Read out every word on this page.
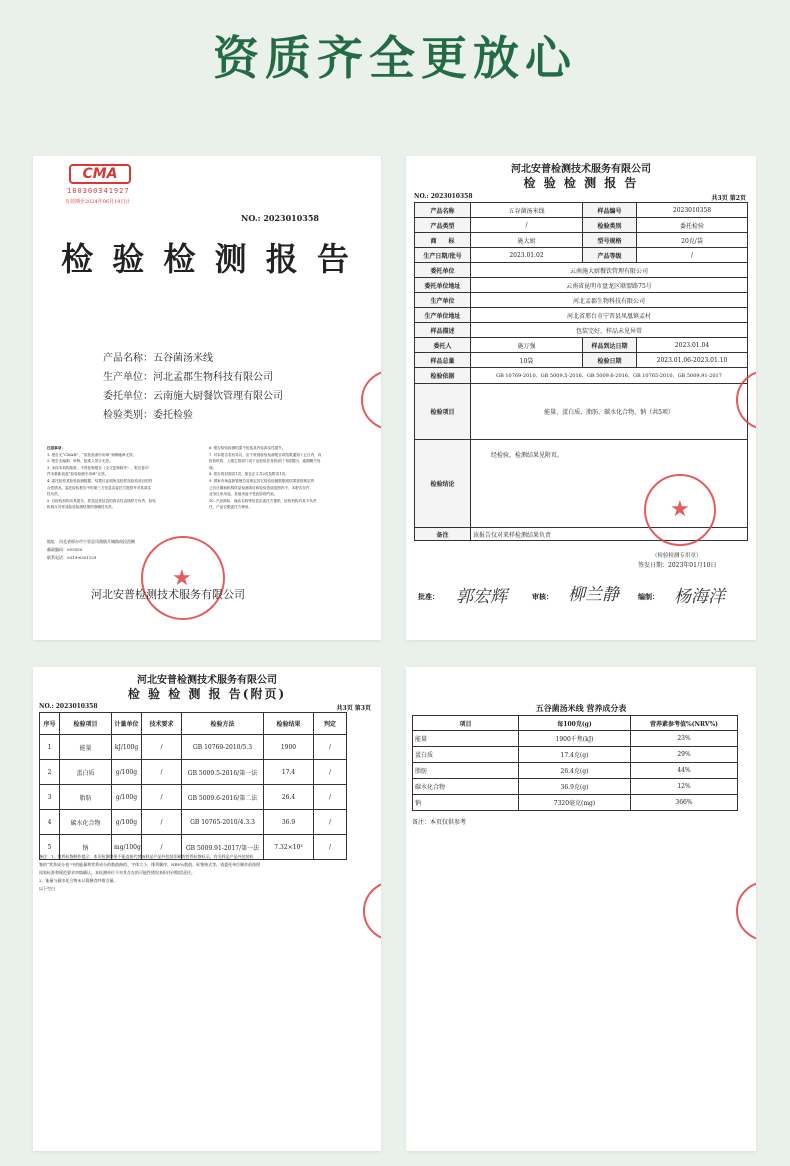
资质齐全更放心
CMA
180300341927
有效期至2024年06月19日止
NO.: 2023010358
检 验 检 测 报 告
产品名称：五谷菌汤米线
生产单位：河北孟郡生物科技有限公司
委托单位：云南施大厨餐饮管理有限公司
检验类别：委托检验
注意事项：
1. 报告无“CMA章”、“检验检测专用章”和骑缝章无效。
2. 报告无编制、审核、批准人签字无效。
3. 未经本机构批准，不得复制报告（全文复制除外），报告复印
件未重新加盖“检验检测专用章”无效。
4. 委托检验其检验检测数据、结果仅证明所送检样品检验项目的符
合性情况。委托检验报告中的第三方信息由委托方提供并对其真实
性负责。
5. 自检验机构出具报告，样品及其信息的真实性由抽样方负责，检验
机构仅对样品检验检测结果的准确性负责。
6. 报告检验检测结果不包括其内容真实性损失。
7. 对本报告若有异议，应于收到检验检测报告或结果通知十五日内，向
检验机构，上级主管部门或下达检验任务的部门书面提出，逾期概不处
理。
8. 报告的封面页1页，报告正文共2页及附页1页。
9. 国家市场监督管理总局规定其它检验检测数据成结果需按规定的
公告日期和机构样品检测项目和检验资质范围内不，本报告仅作
业务往来用途，其他用途不受此原则约束。
10. 产品商标、商品名称等信息由委托方提供，检验机构对其不负责
任，产品仅限委托方使用。
地址：河北省邢台市宁晋县凤凰镇月城路南段西侧
邮政编码：055550
联系电话：0319-6301129
★
河北安普检测技术服务有限公司
河北安普检测技术服务有限公司
检 验 检 测 报 告
NO.: 2023010358	共3页 第2页
产品名称	五谷菌汤米线	样品编号	2023010358
产品类型	/	检验类别	委托检验
商　　标	施大厨	型号规格	20克/袋
生产日期/批号	2023.01.02	产品等级	/
委托单位	云南施大厨餐饮管理有限公司		
委托单位地址	云南省昆明市盘龙区联盟路75号		
生产单位	河北孟郡生物科技有限公司		
生产单位地址	河北省邢台市宁晋县凤凰镇孟村		
样品描述	包装完好、样品未见异常		
委托人	施万强	样品到达日期	2023.01.04
样品总量	10袋	检验日期	2023.01.06-2023.01.10
检验依据	GB 10769-2010、GB 5009.5-2016、GB 5009.6-2016、GB 10765-2010、GB 5009.91-2017		
检验项目	能量、蛋白质、脂肪、碳水化合物、钠（共5项）		
检验结论	经检验，检测结果见附页。		
备注	该报告仅对来样检测结果负责		
★
（检验检测专用章）
签发日期：2023年01月10日
批准： 郭宏辉	审核： 柳兰静	编制： 杨海洋
河北安普检测技术服务有限公司
检 验 检 测 报 告(附页)
NO.: 2023010358	共3页 第3页
序号	检验项目	计量单位	技术要求	检验方法	检验结果	判定
1	能量	kJ/100g	/	GB 10769-2010/5.3	1900	/
2	蛋白质	g/100g	/	GB 5009.5-2016/第一法	17.4	/
3	脂肪	g/100g	/	GB 5009.6-2016/第二法	26.4	/
4	碳水化合物	g/100g	/	GB 10765-2010/4.3.3	36.9	/
5	钠	mg/100g	/	GB 5009.91-2017/第一法	7.32×10³	/
备注：1、营养标签制作提示：本页检测结果不能直接代替该样品产品外包装印刷的营养标签标示。有关样品产品外包装标
签的“营养成分表”中的能量和营养成分的数值修约、字体大小、排列顺序、NRV%数值、标签格式等，请委托单位制作前按照
国家标准和规范要求审慎确认。本检测单位不对其存在的可能性错误来担任何赔偿责任。
2、能量与碳水化合物未计算膳食纤维含量。
以下空白
五谷菌汤米线 营养成分表
项目	每100克(g)	营养素参考值%(NRV%)
能量	1900千焦(kJ)	23%
蛋白质	17.4克(g)	29%
脂肪	26.4克(g)	44%
碳水化合物	36.9克(g)	12%
钠	7320毫克(mg)	366%
备注：本页仅供参考
